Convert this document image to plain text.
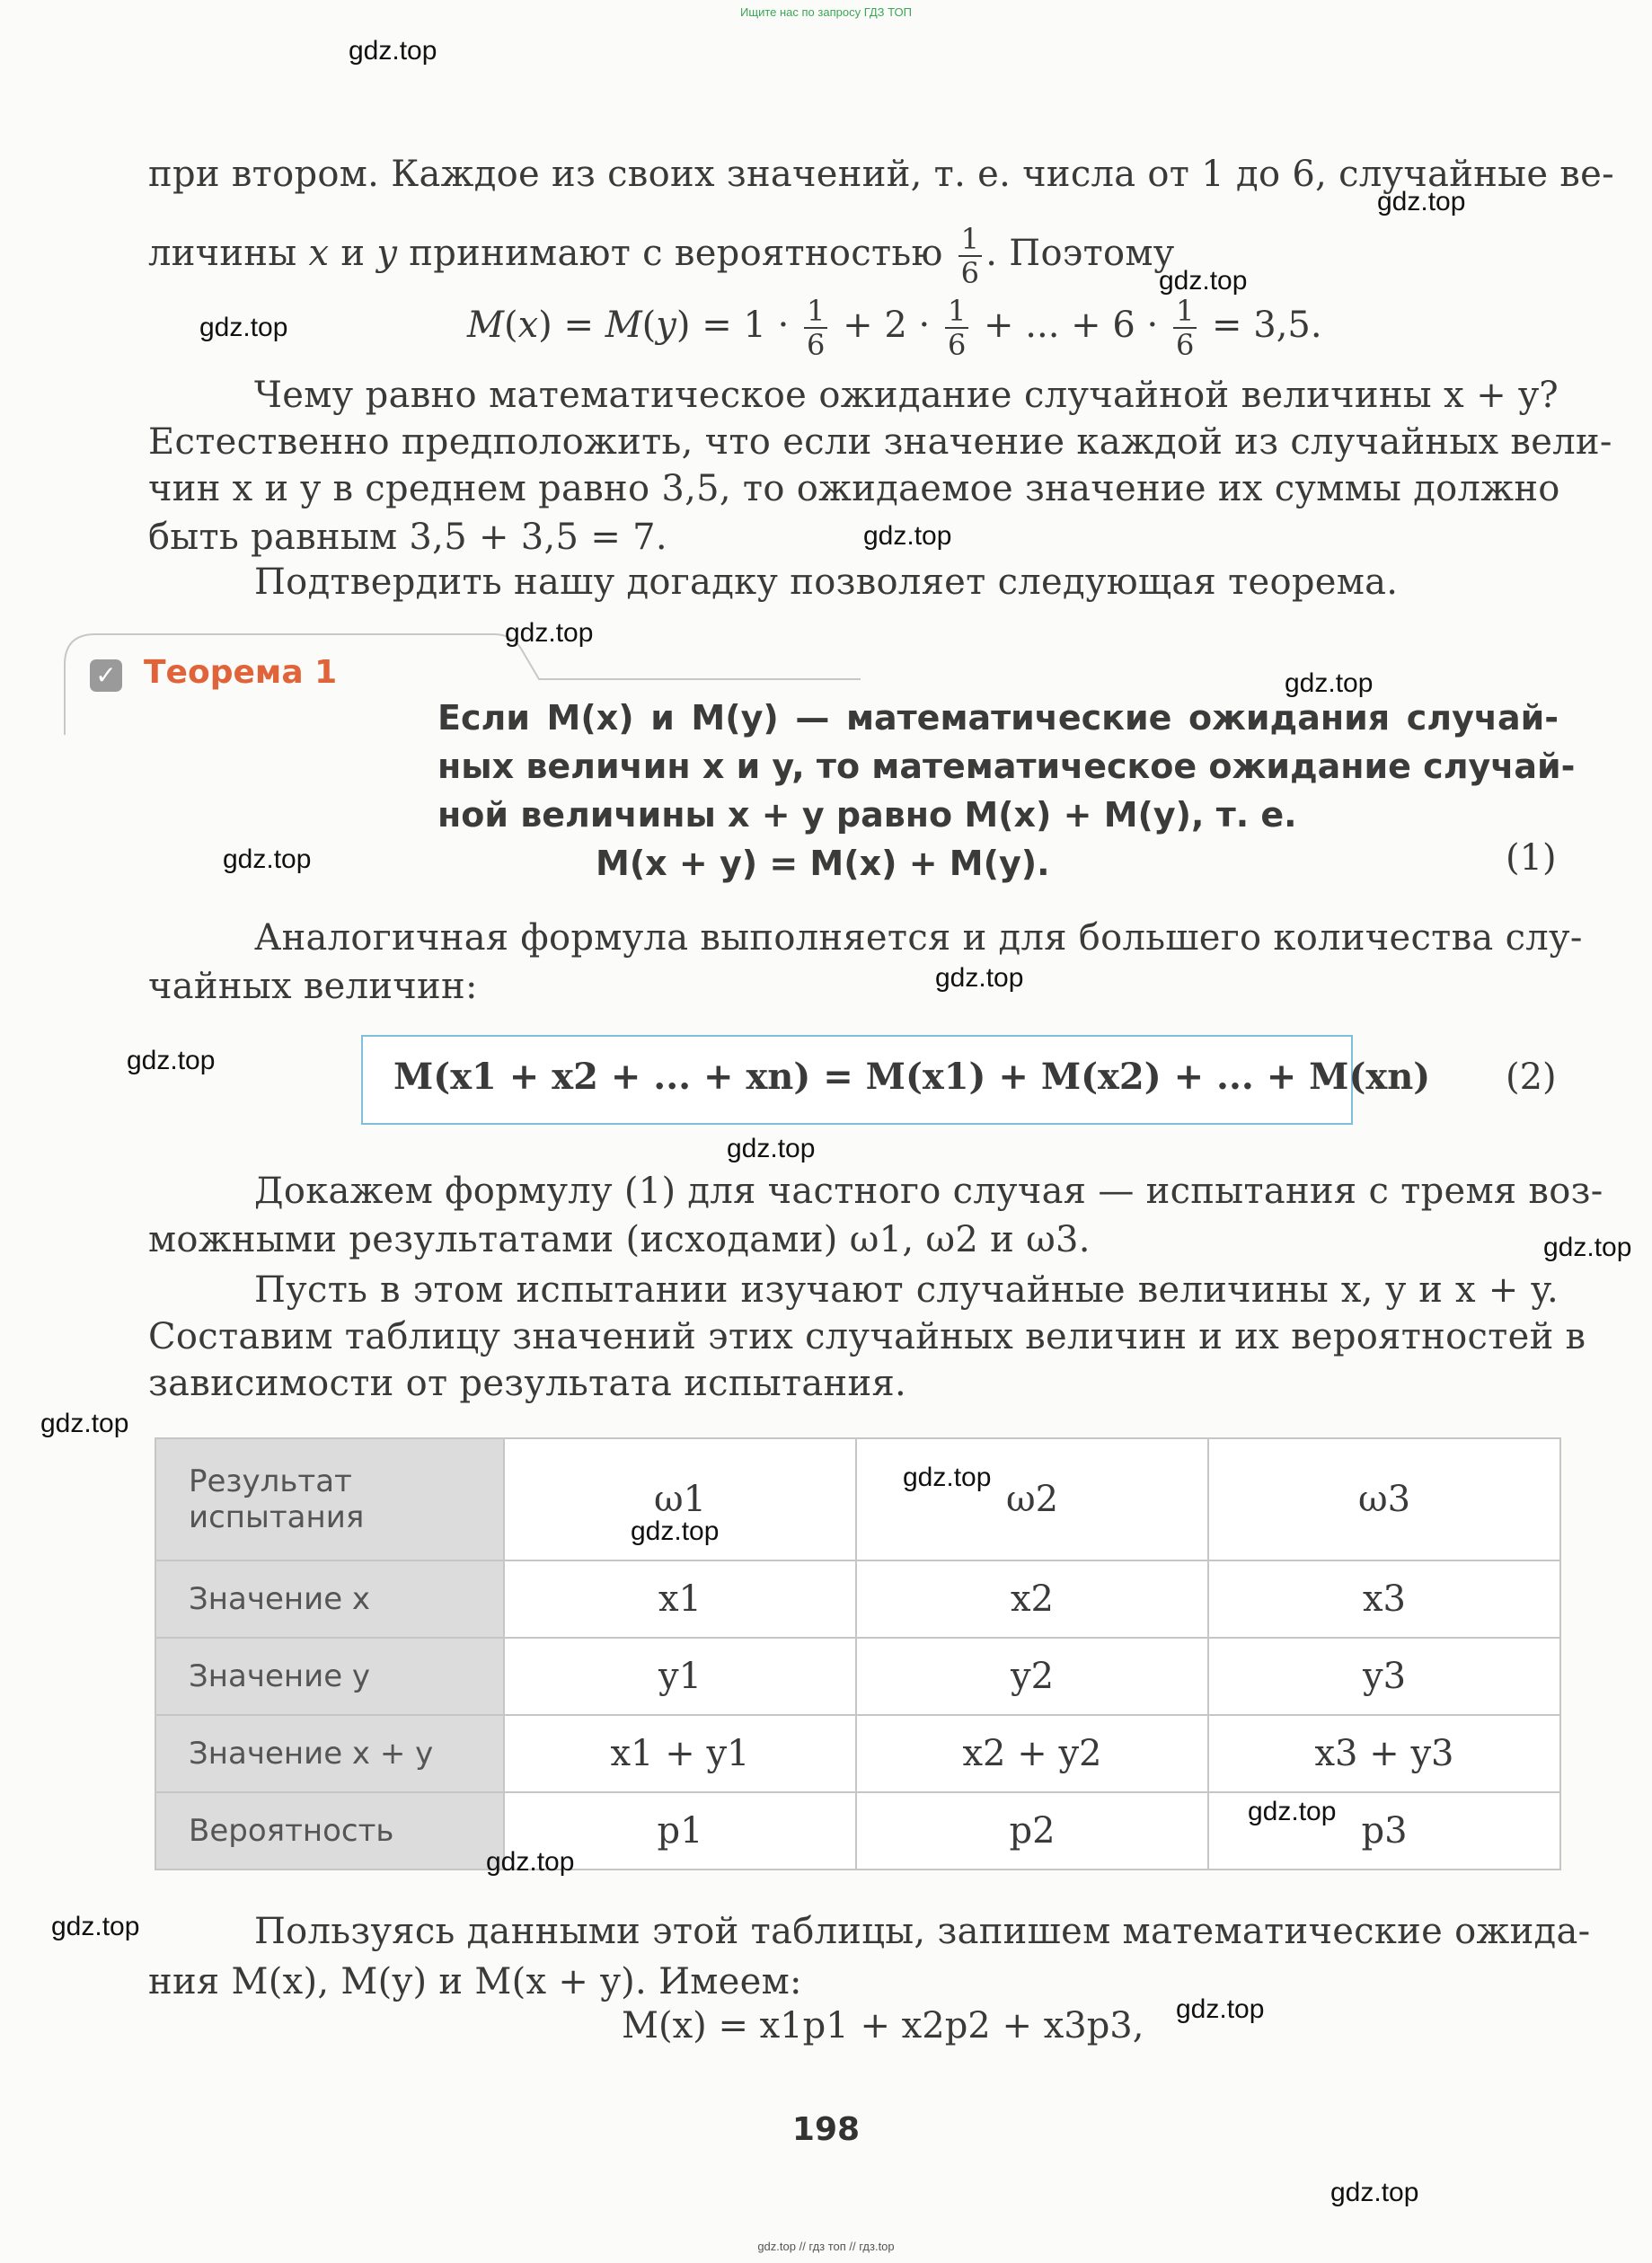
Ищите нас по запросу ГДЗ ТОП
при втором. Каждое из своих значений, т. е. числа от 1 до 6, случайные ве-
личины x и y принимают с вероятностью $\frac{1}{6}$ . Поэтому
$M(x) = M(y) = 1 \cdot \frac{1}{6} + 2 \cdot \frac{1}{6}$ + ... + $6 \cdot \frac{1}{6} = 3,5$.
Чему равно математическое ожидание случайной величины x + y?
Естественно предположить, что если значение каждой из случайных вели-
чин x и y в среднем равно 3,5, то ожидаемое значение их суммы должно
быть равным 3,5 + 3,5 = 7.
Подтвердить нашу догадку позволяет следующая теорема.
✓ Теорема 1
Если M(x) и M(y) — математические ожидания случай-
ных величин x и y, то математическое ожидание случай-
ной величины x + y равно M(x) + M(y), т. е.
M(x + y) = M(x) + M(y).	(1)
Аналогичная формула выполняется и для большего количества слу-
чайных величин:
M(x1 + x2 + ... + xn) = M(x1) + M(x2) + ... + M(xn) (2)
Докажем формулу (1) для частного случая — испытания с тремя воз-
можными результатами (исходами) ω1, ω2 и ω3.
Пусть в этом испытании изучают случайные величины x, y и x + y.
Составим таблицу значений этих случайных величин и их вероятностей в
зависимости от результата испытания.
Результат
испытания	ω1	ω2	ω3
Значение x	x1	x2	x3
Значение y	y1	y2	y3
Значение x + y	x1 + y1	x2 + y2	x3 + y3
Вероятность	p1	p2	p3
Пользуясь данными этой таблицы, запишем математические ожида-
ния M(x), M(y) и M(x + y). Имеем:
M(x) = x1p1 + x2p2 + x3p3,
198
gdz.top
gdz.top
gdz.top
gdz.top
gdz.top
gdz.top
gdz.top
gdz.top
gdz.top
gdz.top
gdz.top
gdz.top
gdz.top
gdz.top
gdz.top
gdz.top
gdz.top
gdz.top
gdz.top
gdz.top
gdz.top // гдз топ // гдз.top
